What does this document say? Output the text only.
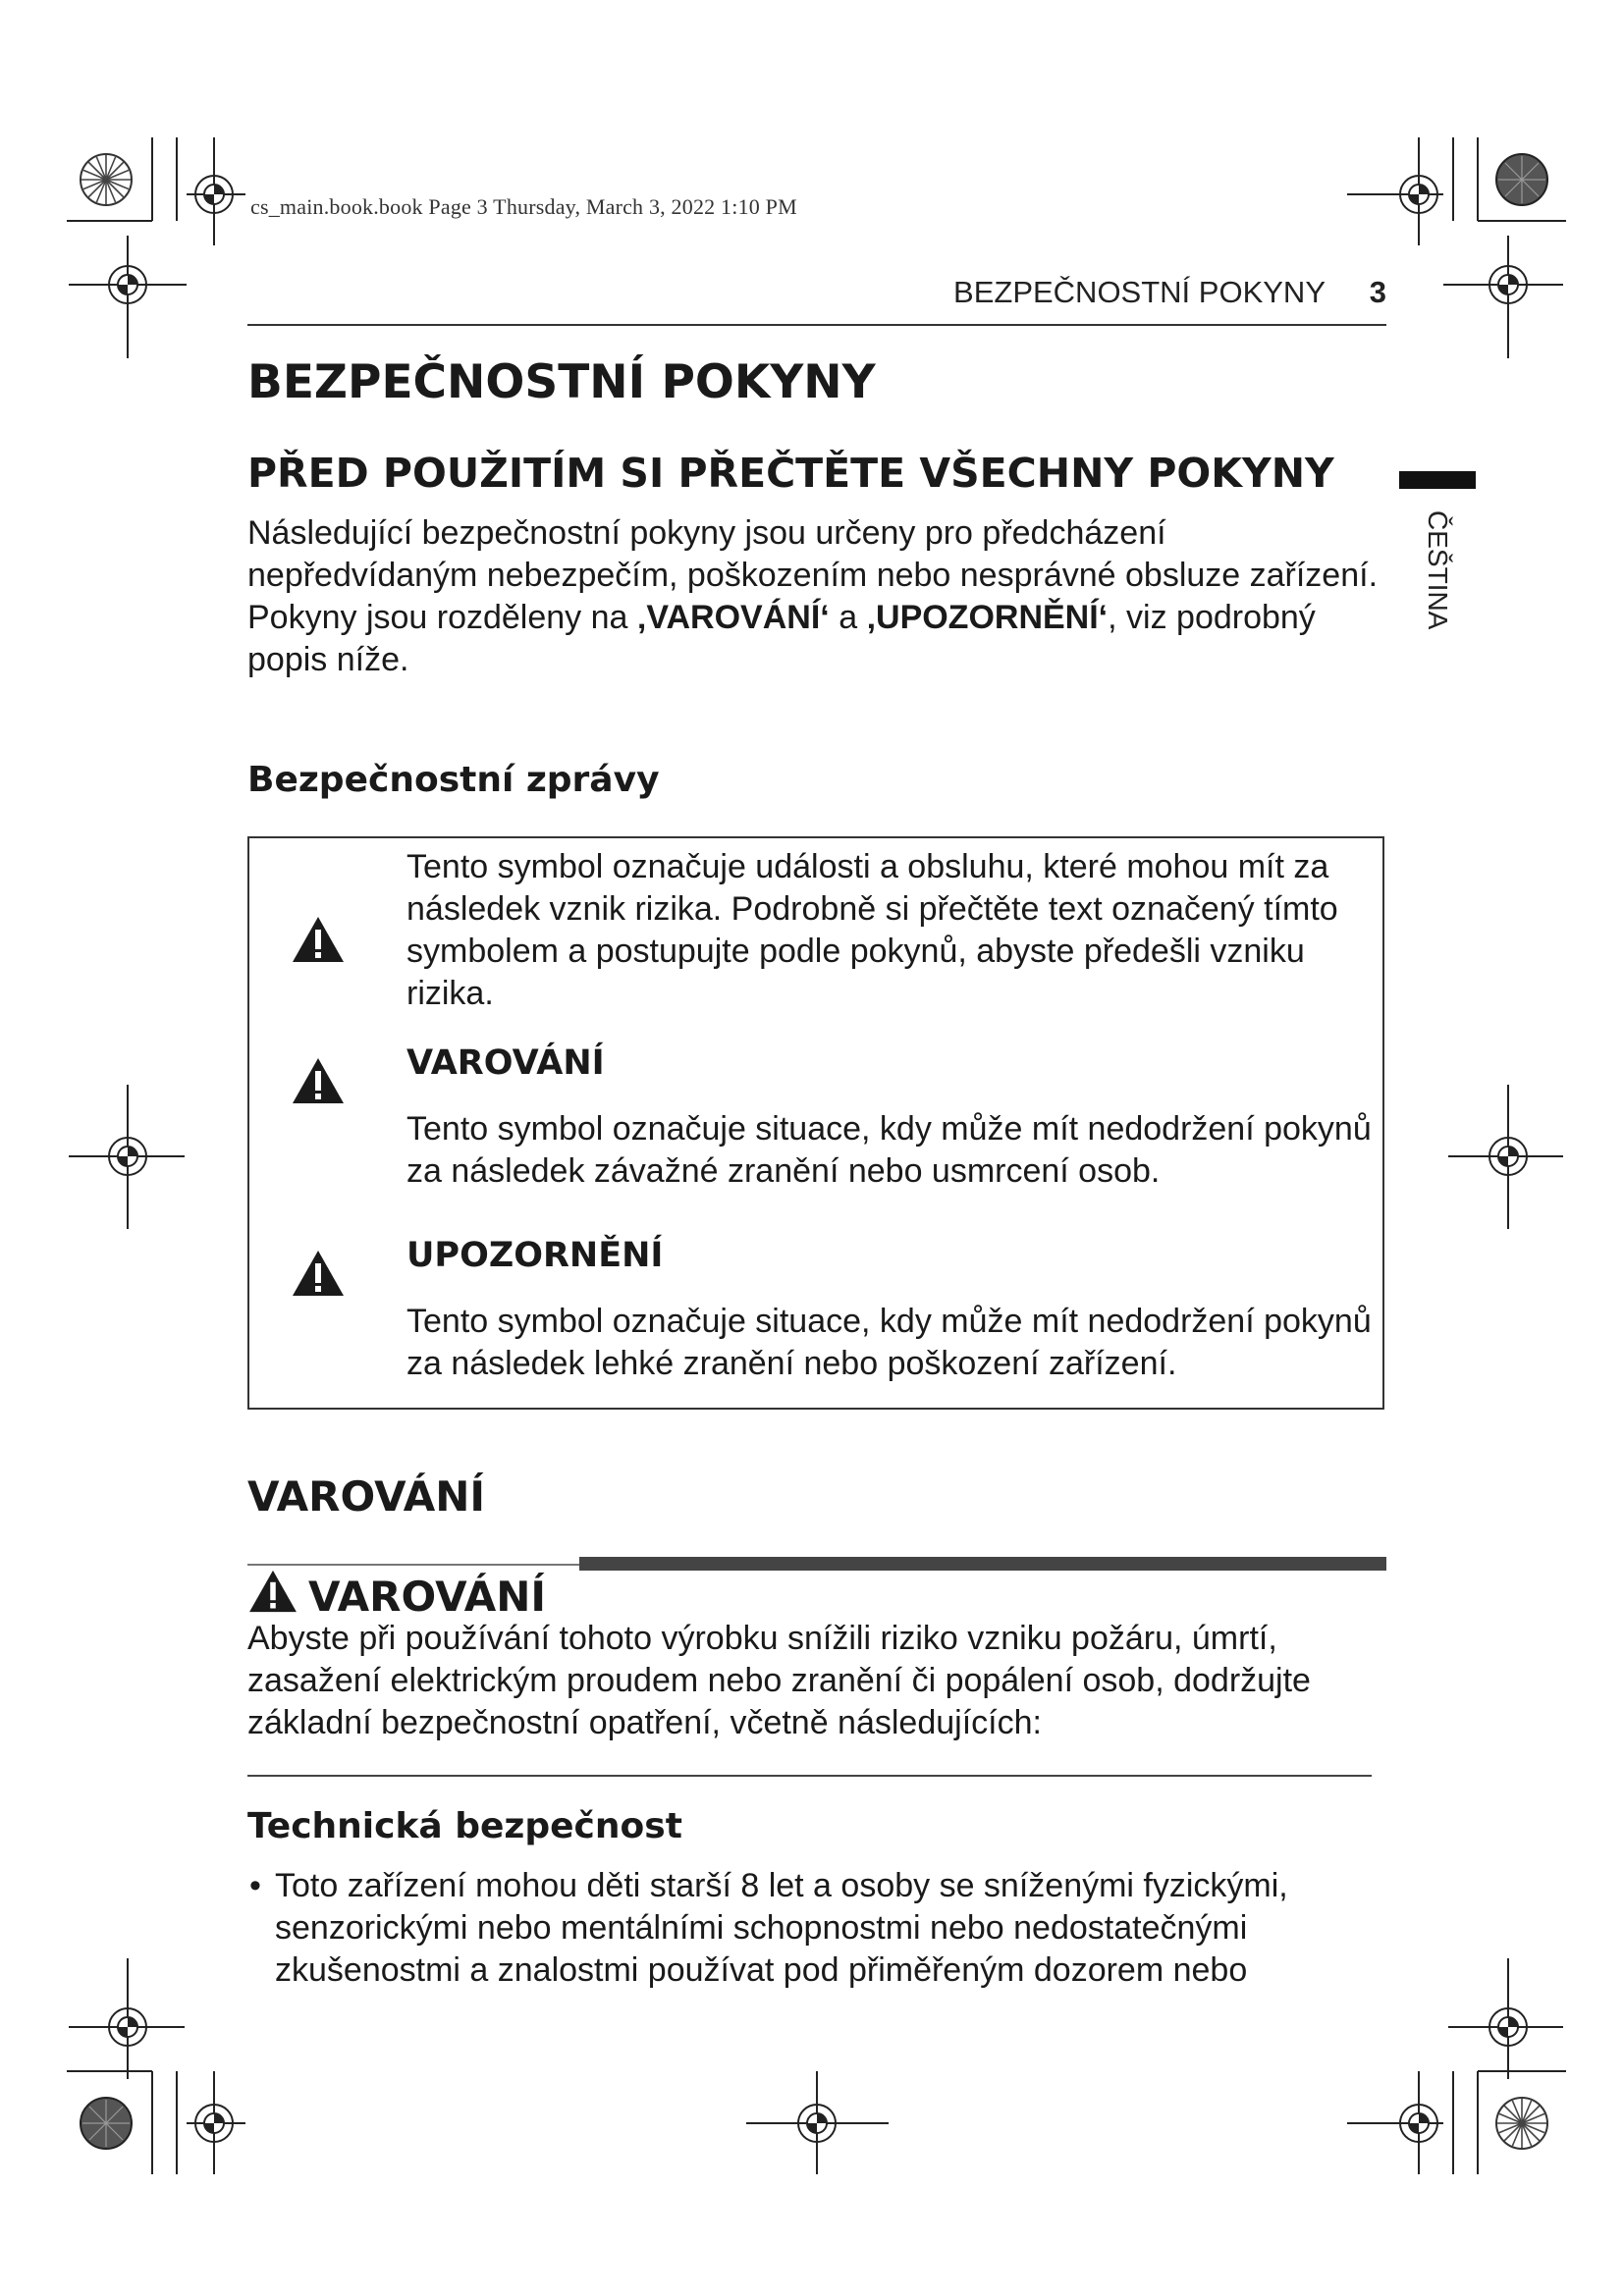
cs_main.book.book Page 3 Thursday, March 3, 2022 1:10 PM
BEZPEČNOSTNÍ POKYNY 3
ČEŠTINA
BEZPEČNOSTNÍ POKYNY
PŘED POUŽITÍM SI PŘEČTĚTE VŠECHNY POKYNY

Následující bezpečnostní pokyny jsou určeny pro předcházení nepředvídaným nebezpečím, poškozením nebo nesprávné obsluze zařízení.

Pokyny jsou rozděleny na ‚VAROVÁNÍ‘ a ‚UPOZORNĚNÍ‘, viz podrobný popis níže.

Bezpečnostní zprávy

Tento symbol označuje události a obsluhu, které mohou mít za následek vznik rizika. Podrobně si přečtěte text označený tímto symbolem a postupujte podle pokynů, abyste předešli vzniku rizika.

VAROVÁNÍ

Tento symbol označuje situace, kdy může mít nedodržení pokynů za následek závažné zranění nebo usmrcení osob.

UPOZORNĚNÍ

Tento symbol označuje situace, kdy může mít nedodržení pokynů za následek lehké zranění nebo poškození zařízení.

VAROVÁNÍ
VAROVÁNÍ

Abyste při používání tohoto výrobku snížili riziko vzniku požáru, úmrtí, zasažení elektrickým proudem nebo zranění či popálení osob, dodržujte základní bezpečnostní opatření, včetně následujících:

Technická bezpečnost
• Toto zařízení mohou děti starší 8 let a osoby se sníženými fyzickými, senzorickými nebo mentálními schopnostmi nebo nedostatečnými zkušenostmi a znalostmi používat pod přiměřeným dozorem nebo
